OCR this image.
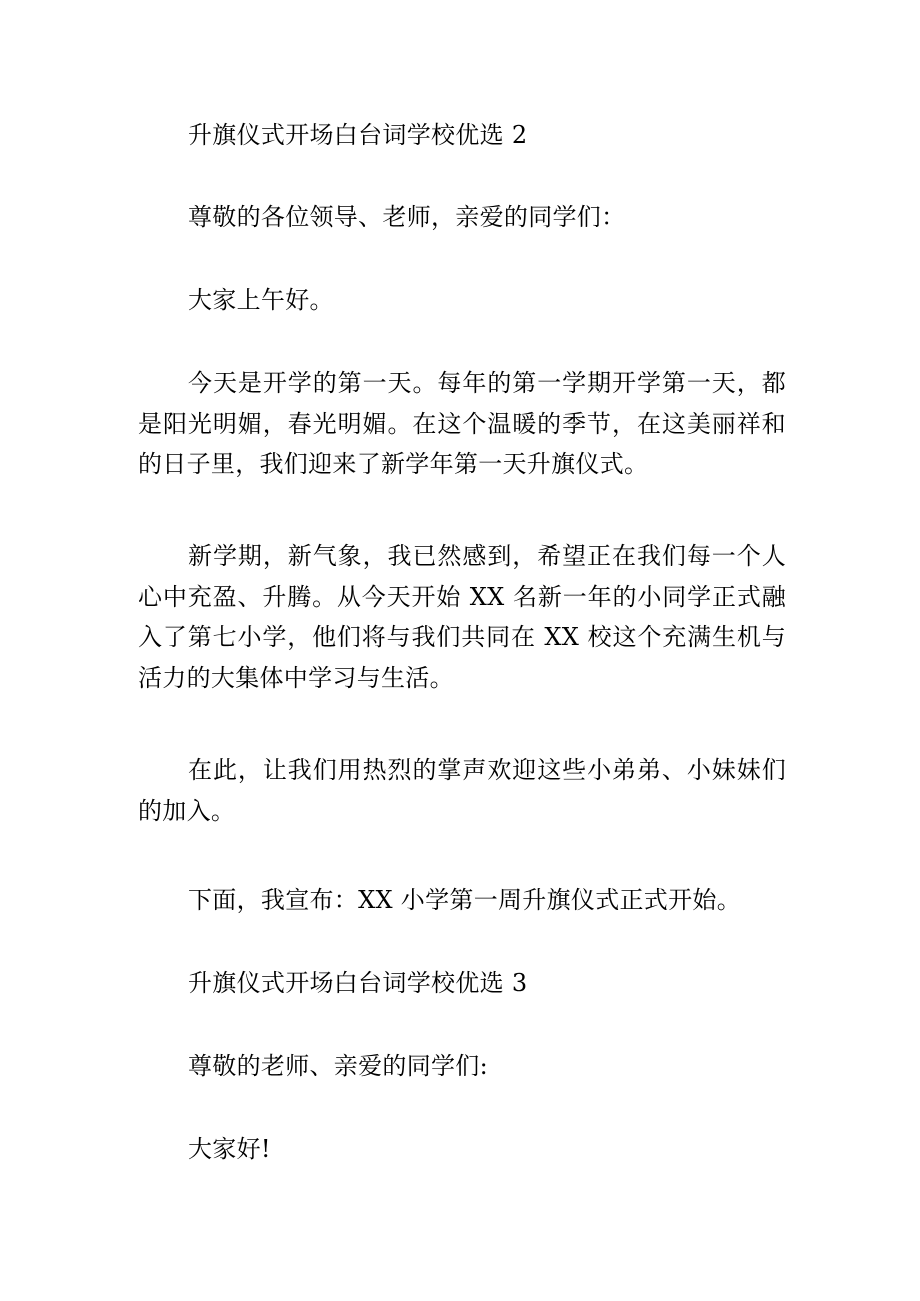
升旗仪式开场白台词学校优选 2

尊敬的各位领导、老师，亲爱的同学们：

大家上午好。

今天是开学的第一天。每年的第一学期开学第一天，都是阳光明媚，春光明媚。在这个温暖的季节，在这美丽祥和的日子里，我们迎来了新学年第一天升旗仪式。

新学期，新气象，我已然感到，希望正在我们每一个人心中充盈、升腾。从今天开始 XX 名新一年的小同学正式融入了第七小学，他们将与我们共同在 XX 校这个充满生机与活力的大集体中学习与生活。

在此，让我们用热烈的掌声欢迎这些小弟弟、小妹妹们的加入。

下面，我宣布：XX 小学第一周升旗仪式正式开始。

升旗仪式开场白台词学校优选 3

尊敬的老师、亲爱的同学们:

大家好!
